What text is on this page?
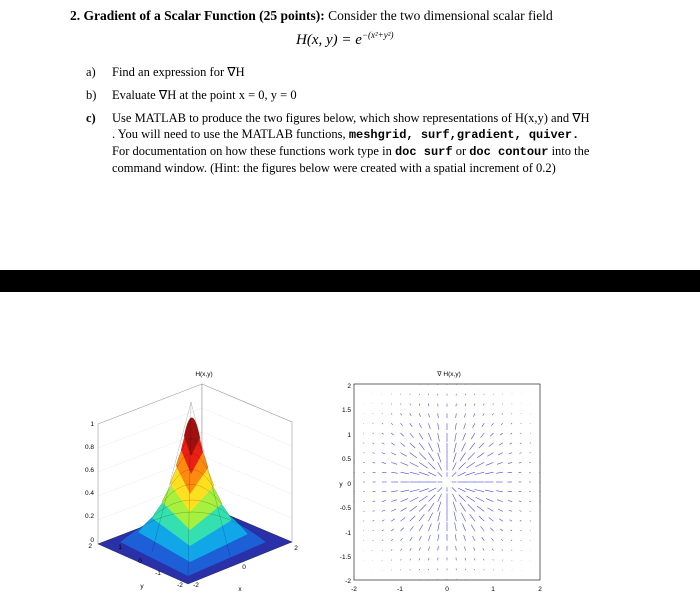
2. Gradient of a Scalar Function (25 points): Consider the two dimensional scalar field
H(x, $y) = e^{-(x^2+y^2)}$
a) Find an expression for ∇H
b) Evaluate ∇H at the point x = 0, y = 0
c) Use MATLAB to produce the two figures below, which show representations of H(x,y) and ∇H
. You will need to use the MATLAB functions, meshgrid, surf,gradient, quiver.
For documentation on how these functions work type in doc surf or doc contour into the
command window. (Hint: the figures below were created with a spatial increment of 0.2)
H(x,y)
1
0.8
0.6
0.4
0.2
0
2	1
0
-1
-2 -2
0
2
y	x
∇ H(x,y)
2
1.5
1
0.5
0
-0.5
-1
-1.5
-2
-2	-1	0	1	2
y
